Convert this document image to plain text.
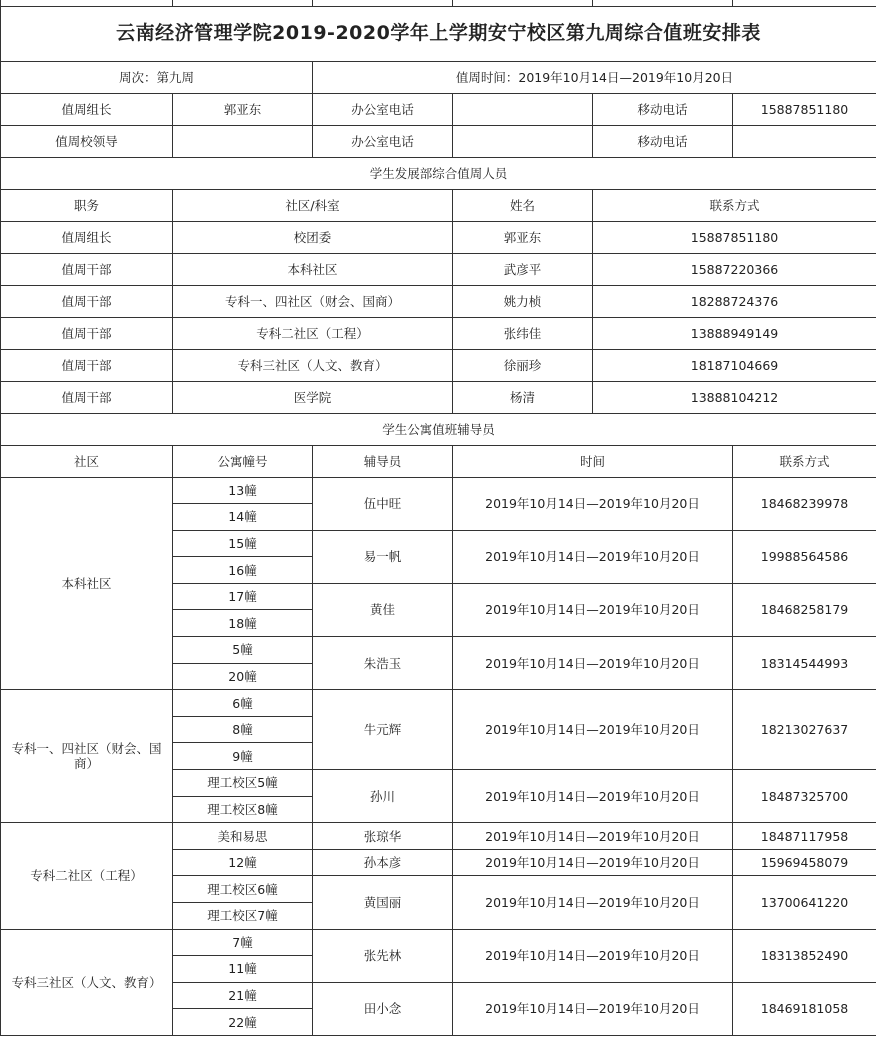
云南经济管理学院2019-2020学年上学期安宁校区第九周综合值班安排表					
周次：第九周		值周时间：2019年10月14日—2019年10月20日			
值周组长	郭亚东	办公室电话		移动电话	15887851180
值周校领导		办公室电话		移动电话	
学生发展部综合值周人员					
职务	社区/科室		姓名	联系方式	
值周组长	校团委		郭亚东	15887851180	
值周干部	本科社区		武彦平	15887220366	
值周干部	专科一、四社区（财会、国商）		姚力桢	18288724376	
值周干部	专科二社区（工程）		张纬佳	13888949149	
值周干部	专科三社区（人文、教育）		徐丽珍	18187104669	
值周干部	医学院		杨清	13888104212	
学生公寓值班辅导员					
社区	公寓幢号	辅导员	时间		联系方式
本科社区	13幢	伍中旺	2019年10月14日—2019年10月20日		18468239978
	14幢				
	15幢	易一帆	2019年10月14日—2019年10月20日		19988564586
	16幢				
	17幢	黄佳	2019年10月14日—2019年10月20日		18468258179
	18幢				
	5幢	朱浩玉	2019年10月14日—2019年10月20日		18314544993
	20幢				
专科一、四社区（财会、国商）	6幢	牛元辉	2019年10月14日—2019年10月20日		18213027637
	8幢				
	9幢				
	理工校区5幢	孙川	2019年10月14日—2019年10月20日		18487325700
	理工校区8幢				
专科二社区（工程）	美和易思	张琼华	2019年10月14日—2019年10月20日		18487117958
	12幢	孙本彦	2019年10月14日—2019年10月20日		15969458079
	理工校区6幢	黄国丽	2019年10月14日—2019年10月20日		13700641220
	理工校区7幢				
专科三社区（人文、教育）	7幢	张先林	2019年10月14日—2019年10月20日		18313852490
	11幢				
	21幢	田小念	2019年10月14日—2019年10月20日		18469181058
	22幢				
